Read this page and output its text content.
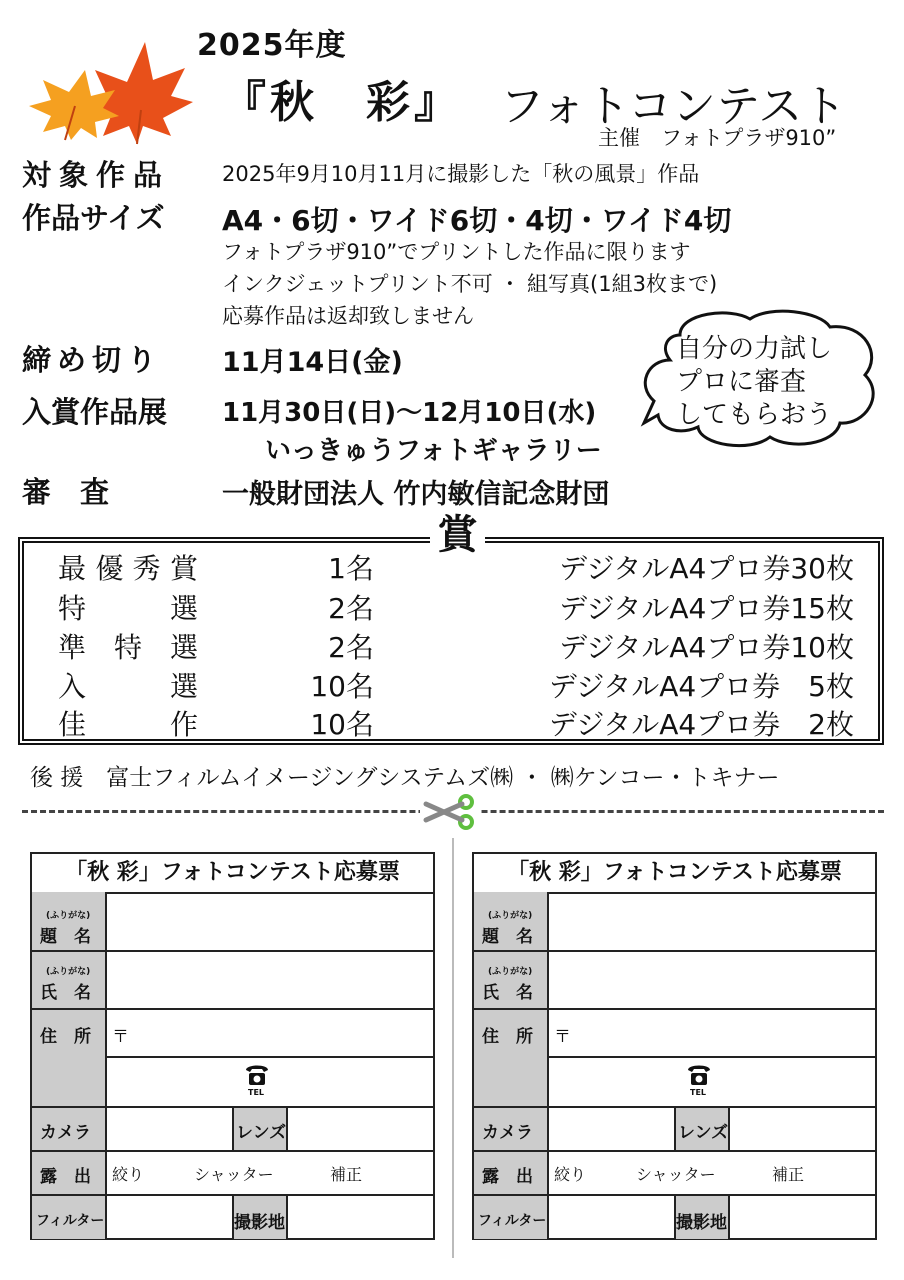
2025年度
『秋　彩』 フォトコンテスト
主催　フォトプラザ910”
対象作品 2025年9月10月11月に撮影した「秋の風景」作品
作品サイズ A4・6切・ワイド6切・4切・ワイド4切
フォトプラザ910”でプリントした作品に限ります
インクジェットプリント不可 ・ 組写真(1組3枚まで)
応募作品は返却致しません
締め切り 11月14日(金)
入賞作品展 11月30日(日)～12月10日(水)
いっきゅうフォトギャラリー
審　査	一般財団法人 竹内敏信記念財団
自分の力試し
プロに審査
してもらおう
最優秀賞	1名	デジタルA4プロ券30枚
特選	2名	デジタルA4プロ券15枚
準特選	2名	デジタルA4プロ券10枚
入選	10名	デジタルA4プロ券　5枚
佳作	10名	デジタルA4プロ券　2枚
賞
後 援　富士フィルムイメージングシステムズ㈱ ・ ㈱ケンコー・トキナー
「秋 彩」フォトコンテスト応募票
(ふりがな)
題　名
(ふりがな)
氏　名
住　所 〒
TEL
カメラ	レンズ
露　出 絞り	シャッター	補正
フィルター	撮影地
「秋 彩」フォトコンテスト応募票
(ふりがな)
題　名
(ふりがな)
氏　名
住　所 〒
TEL
カメラ	レンズ
露　出 絞り	シャッター	補正
フィルター	撮影地
